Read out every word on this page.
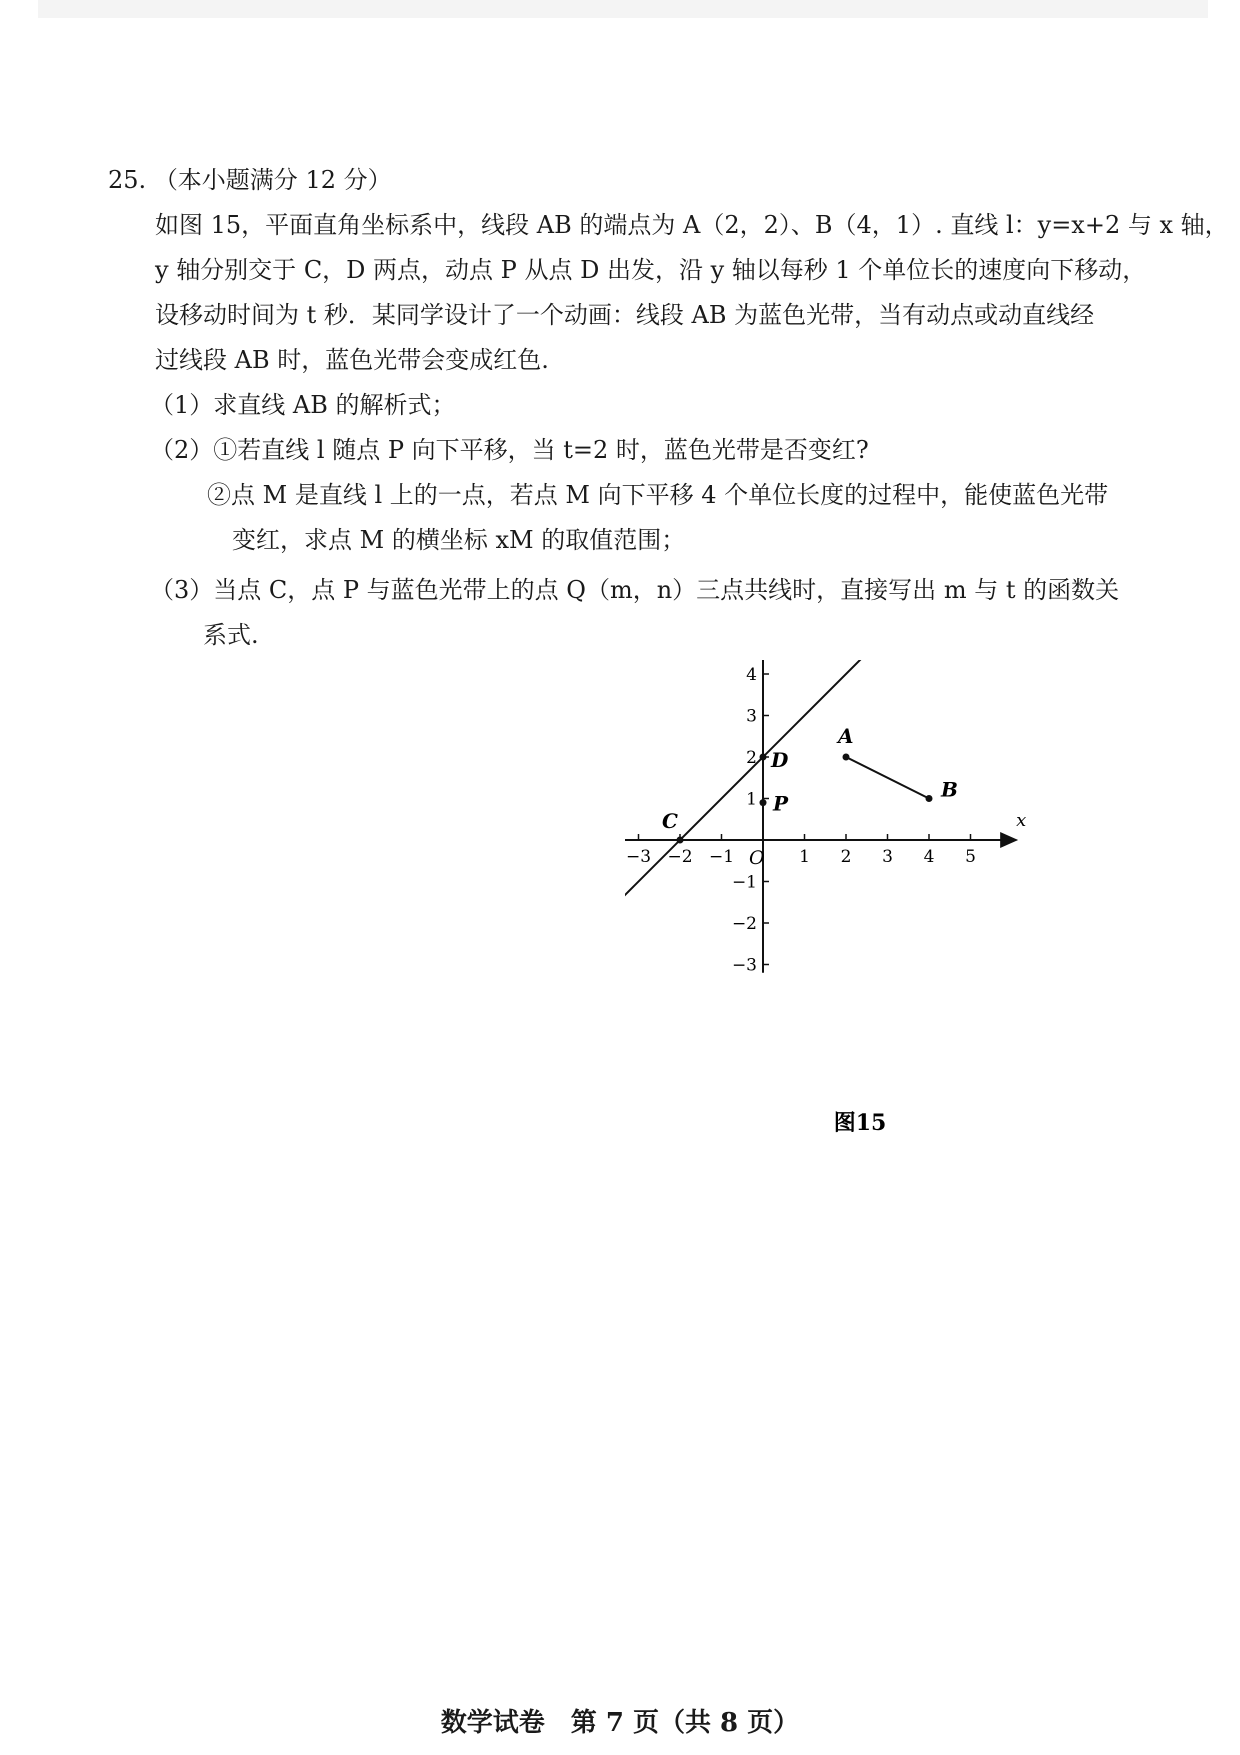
25. （本小题满分 12 分）
如图 15，平面直角坐标系中，线段 AB 的端点为 A（2，2）、B（4，1）. 直线 l：y=x+2 与 x 轴，
y 轴分别交于 C，D 两点，动点 P 从点 D 出发，沿 y 轴以每秒 1 个单位长的速度向下移动，
设移动时间为 t 秒．某同学设计了一个动画：线段 AB 为蓝色光带，当有动点或动直线经
过线段 AB 时，蓝色光带会变成红色.
（1）求直线 AB 的解析式；
（2）①若直线 l 随点 P 向下平移，当 t=2 时，蓝色光带是否变红?
②点 M 是直线 l 上的一点，若点 M 向下平移 4 个单位长度的过程中，能使蓝色光带
变红，求点 M 的横坐标 xM 的取值范围；
（3）当点 C，点 P 与蓝色光带上的点 Q（m，n）三点共线时，直接写出 m 与 t 的函数关
系式.
x
O
−3 −2 −1	1 2 3 4 5
−3
−2
−1
1
2
3
4
A
B
C
D
P
图15
数学试卷　第 7 页（共 8 页）
